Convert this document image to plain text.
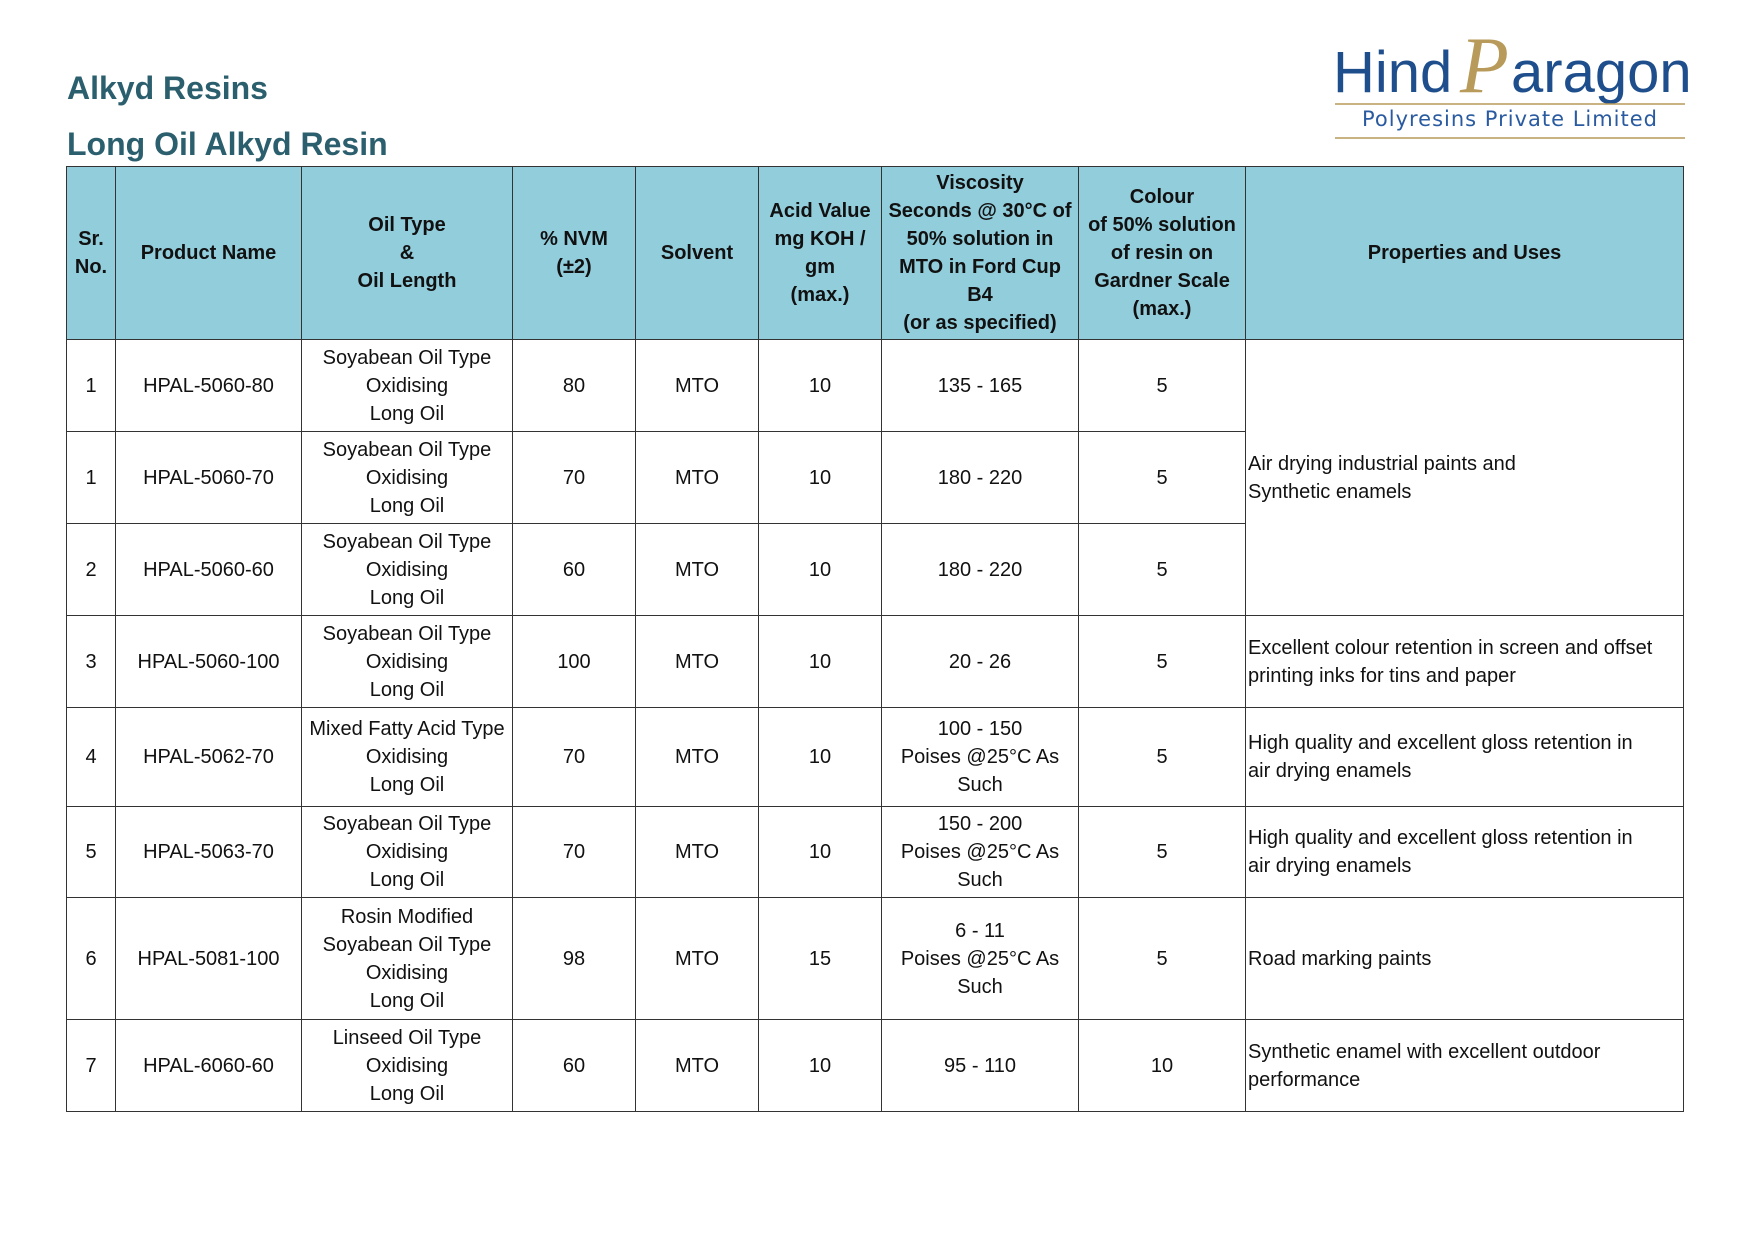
Alkyd Resins
Long Oil Alkyd Resin
Hind P aragon
Polyresins Private Limited
Sr.
No.	Product Name	Oil Type
&
Oil Length	% NVM
(±2)	Solvent	Acid Value
mg KOH /
gm
(max.)	Viscosity
Seconds @ 30°C of
50% solution in
MTO in Ford Cup B4
(or as specified)	Colour
of 50% solution
of resin on
Gardner Scale
(max.)	Properties and Uses
1	HPAL-5060-80	Soyabean Oil Type
Oxidising
Long Oil	80	MTO	10	135 - 165	5	Air drying industrial paints and
Synthetic enamels
1	HPAL-5060-70	Soyabean Oil Type
Oxidising
Long Oil	70	MTO	10	180 - 220	5	
2	HPAL-5060-60	Soyabean Oil Type
Oxidising
Long Oil	60	MTO	10	180 - 220	5	
3	HPAL-5060-100	Soyabean Oil Type
Oxidising
Long Oil	100	MTO	10	20 - 26	5	Excellent colour retention in screen and offset
printing inks for tins and paper
4	HPAL-5062-70	Mixed Fatty Acid Type
Oxidising
Long Oil	70	MTO	10	100 - 150
Poises @25°C As
Such	5	High quality and excellent gloss retention in
air drying enamels
5	HPAL-5063-70	Soyabean Oil Type
Oxidising
Long Oil	70	MTO	10	150 - 200
Poises @25°C As
Such	5	High quality and excellent gloss retention in
air drying enamels
6	HPAL-5081-100	Rosin Modified
Soyabean Oil Type
Oxidising
Long Oil	98	MTO	15	6 - 11
Poises @25°C As
Such	5	Road marking paints
7	HPAL-6060-60	Linseed Oil Type
Oxidising
Long Oil	60	MTO	10	95 - 110	10	Synthetic enamel with excellent outdoor
performance
